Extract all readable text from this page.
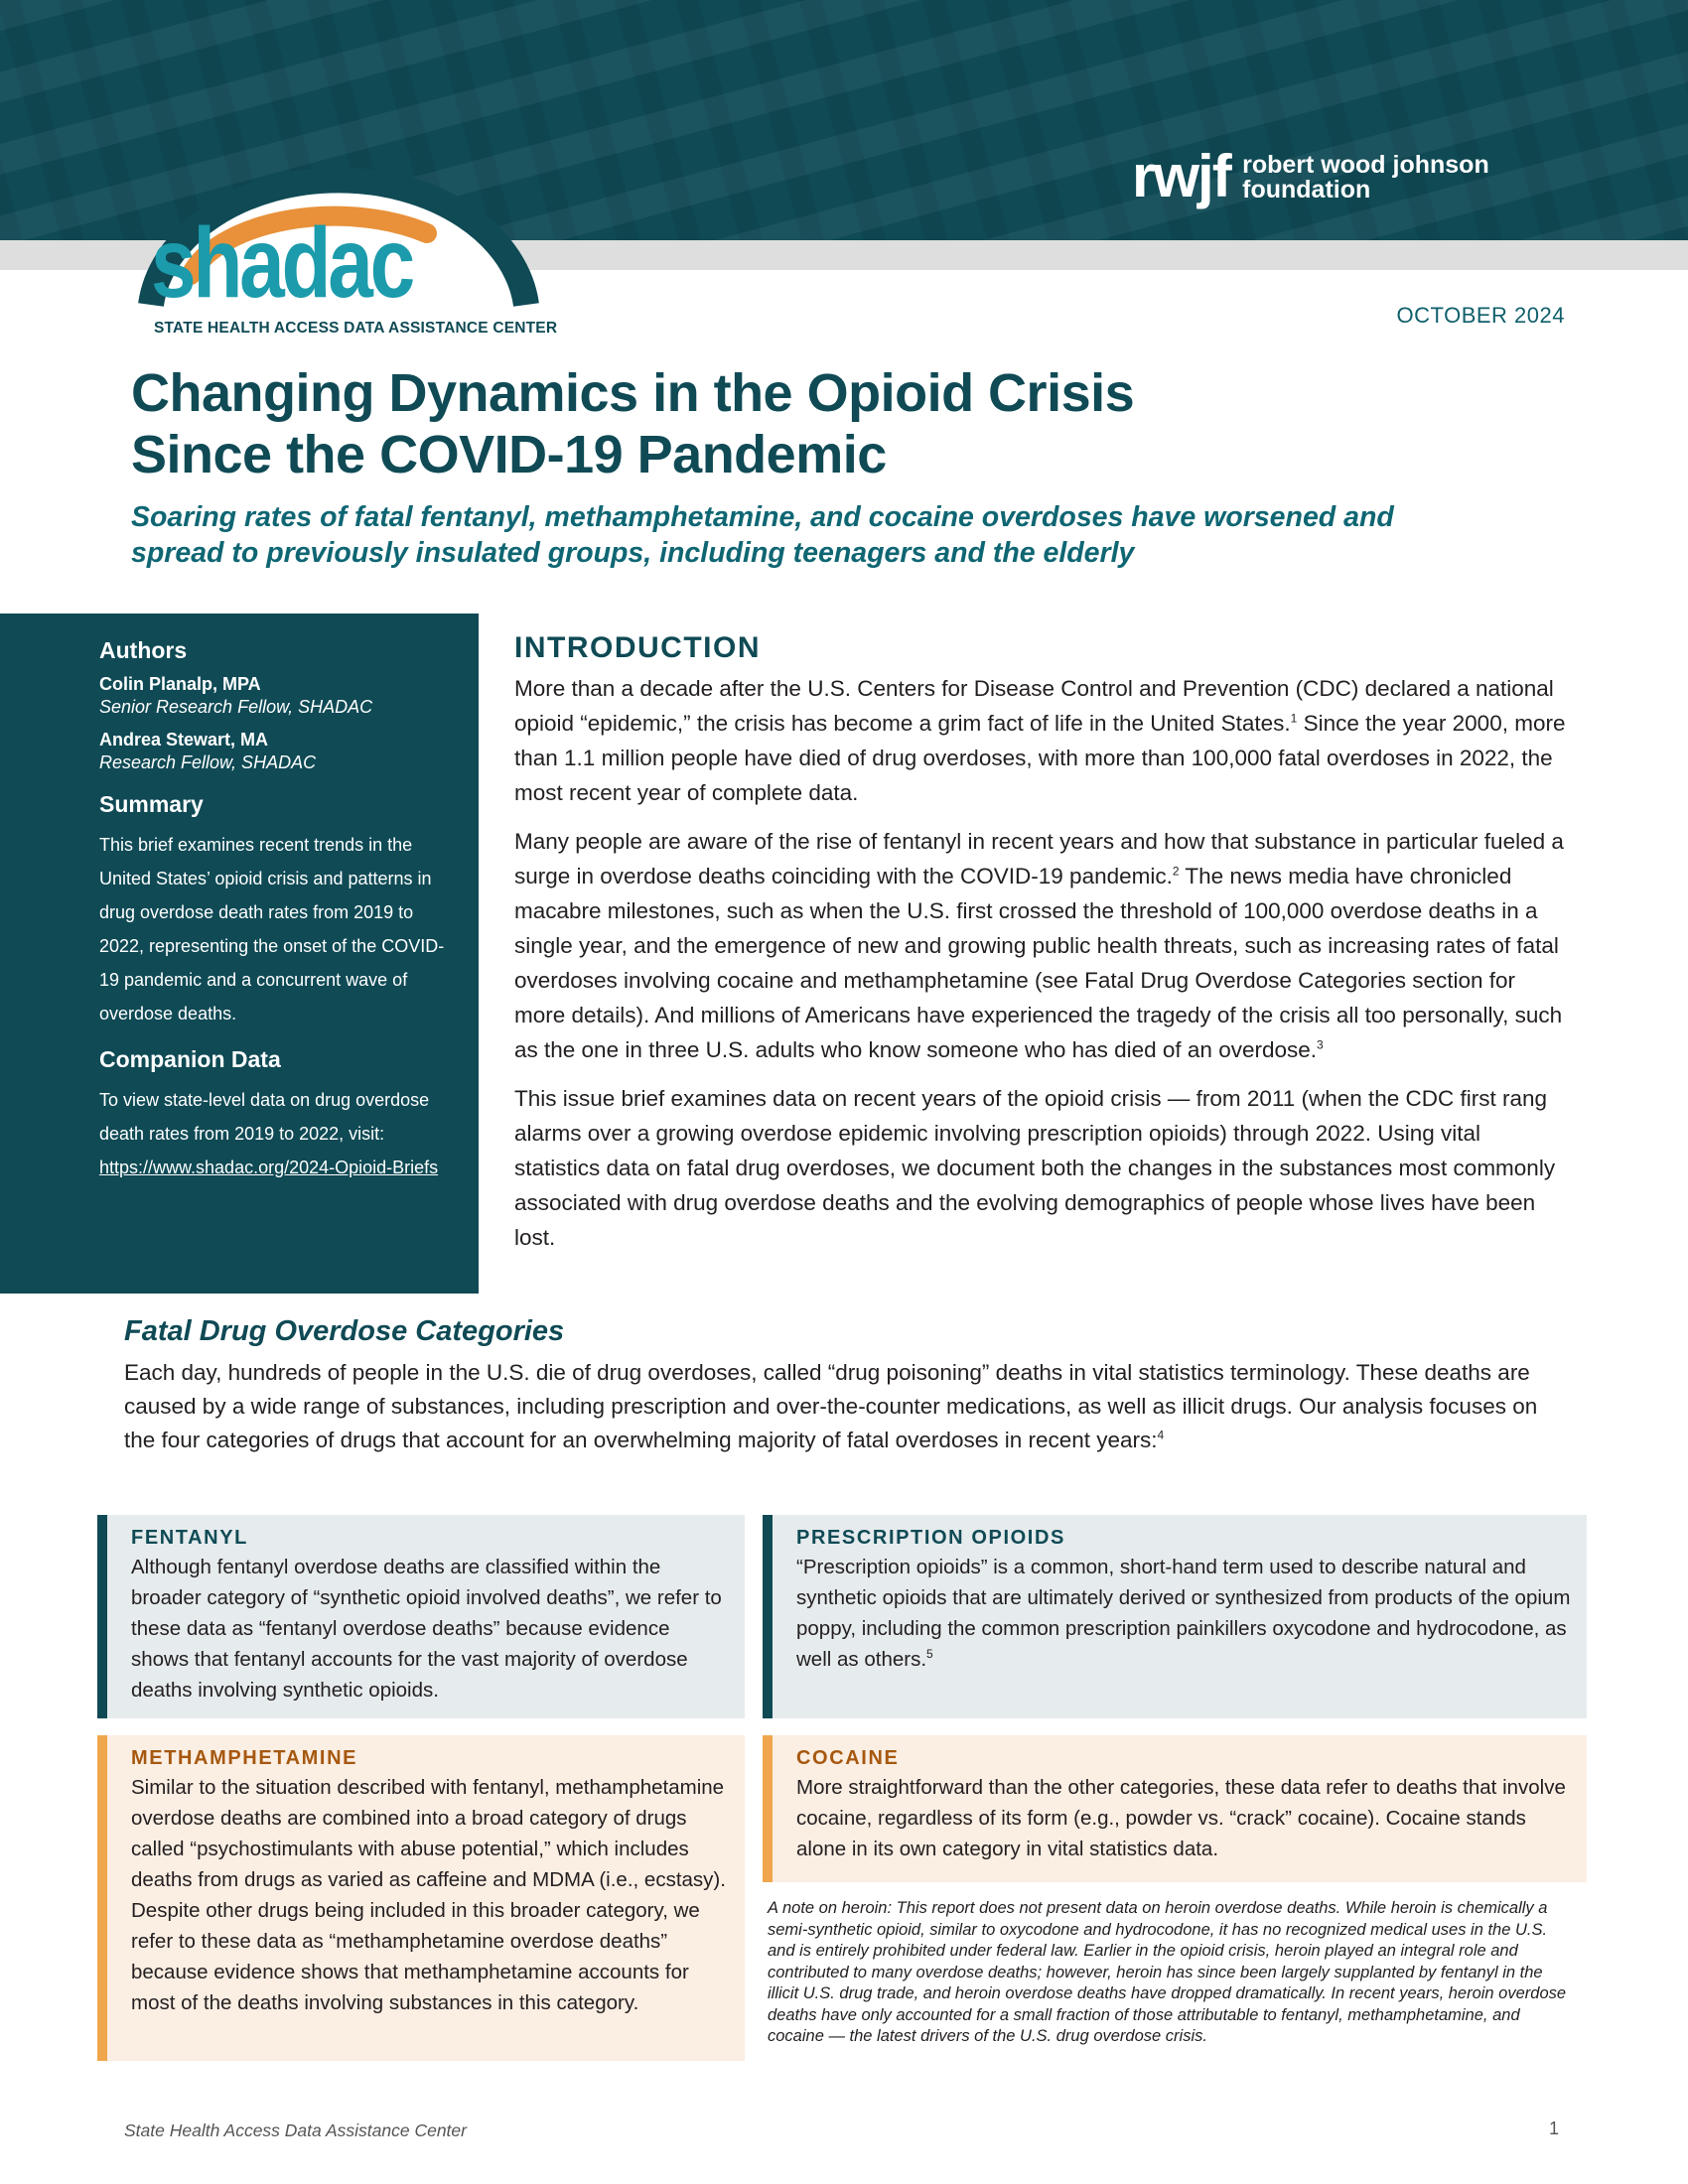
shadac
STATE HEALTH ACCESS DATA ASSISTANCE CENTER
rwjf robert wood johnson
foundation
OCTOBER 2024
Changing Dynamics in the Opioid Crisis
Since the COVID-19 Pandemic

Soaring rates of fatal fentanyl, methamphetamine, and cocaine overdoses have worsened and
spread to previously insulated groups, including teenagers and the elderly

Authors

Colin Planalp, MPA

Senior Research Fellow, SHADAC

Andrea Stewart, MA

Research Fellow, SHADAC

Summary

This brief examines recent trends in the United States’ opioid crisis and patterns in drug overdose death rates from 2019 to 2022, representing the onset of the COVID-19 pandemic and a concurrent wave of overdose deaths.

Companion Data

To view state-level data on drug overdose death rates from 2019 to 2022, visit: https://www.shadac.org/2024-Opioid-Briefs

INTRODUCTION

More than a decade after the U.S. Centers for Disease Control and Prevention (CDC) declared a national opioid “epidemic,” the crisis has become a grim fact of life in the United States.$^1$ Since the year 2000, more than 1.1 million people have died of drug overdoses, with more than 100,000 fatal overdoses in 2022, the most recent year of complete data.

Many people are aware of the rise of fentanyl in recent years and how that substance in particular fueled a surge in overdose deaths coinciding with the COVID-19 pandemic.$^2$ The news media have chronicled macabre milestones, such as when the U.S. first crossed the threshold of 100,000 overdose deaths in a single year, and the emergence of new and growing public health threats, such as increasing rates of fatal overdoses involving cocaine and methamphetamine (see Fatal Drug Overdose Categories section for more details). And millions of Americans have experienced the tragedy of the crisis all too personally, such as the one in three U.S. adults who know someone who has died of an overdose.$^3$

This issue brief examines data on recent years of the opioid crisis — from 2011 (when the CDC first rang alarms over a growing overdose epidemic involving prescription opioids) through 2022. Using vital statistics data on fatal drug overdoses, we document both the changes in the substances most commonly associated with drug overdose deaths and the evolving demographics of people whose lives have been lost.

Fatal Drug Overdose Categories

Each day, hundreds of people in the U.S. die of drug overdoses, called “drug poisoning” deaths in vital statistics terminology. These deaths are caused by a wide range of substances, including prescription and over-the-counter medications, as well as illicit drugs. Our analysis focuses on the four categories of drugs that account for an overwhelming majority of fatal overdoses in recent years:$^4$

FENTANYL

Although fentanyl overdose deaths are classified within the broader category of “synthetic opioid involved deaths”, we refer to these data as “fentanyl overdose deaths” because evidence shows that fentanyl accounts for the vast majority of overdose deaths involving synthetic opioids.

PRESCRIPTION OPIOIDS

“Prescription opioids” is a common, short-hand term used to describe natural and synthetic opioids that are ultimately derived or synthesized from products of the opium poppy, including the common prescription painkillers oxycodone and hydrocodone, as well as others.$^5$

METHAMPHETAMINE

Similar to the situation described with fentanyl, methamphetamine overdose deaths are combined into a broad category of drugs called “psychostimulants with abuse potential,” which includes deaths from drugs as varied as caffeine and MDMA (i.e., ecstasy). Despite other drugs being included in this broader category, we refer to these data as “methamphetamine overdose deaths” because evidence shows that methamphetamine accounts for most of the deaths involving substances in this category.

COCAINE

More straightforward than the other categories, these data refer to deaths that involve cocaine, regardless of its form (e.g., powder vs. “crack” cocaine). Cocaine stands alone in its own category in vital statistics data.

A note on heroin: This report does not present data on heroin overdose deaths. While heroin is chemically a semi-synthetic opioid, similar to oxycodone and hydrocodone, it has no recognized medical uses in the U.S. and is entirely prohibited under federal law. Earlier in the opioid crisis, heroin played an integral role and contributed to many overdose deaths; however, heroin has since been largely supplanted by fentanyl in the illicit U.S. drug trade, and heroin overdose deaths have dropped dramatically. In recent years, heroin overdose deaths have only accounted for a small fraction of those attributable to fentanyl, methamphetamine, and cocaine — the latest drivers of the U.S. drug overdose crisis.

State Health Access Data Assistance Center	1
